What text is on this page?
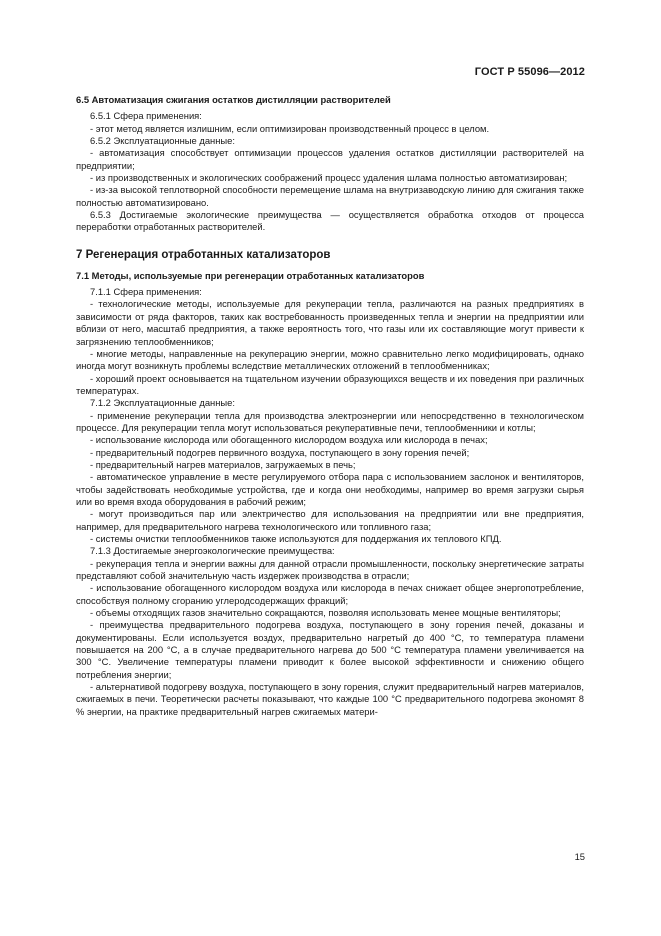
ГОСТ Р 55096—2012

6.5 Автоматизация сжигания остатков дистилляции растворителей

6.5.1 Сфера применения:

- этот метод является излишним, если оптимизирован производственный процесс в целом.

6.5.2 Эксплуатационные данные:

- автоматизация способствует оптимизации процессов удаления остатков дистилляции растворителей на предприятии;

- из производственных и экологических соображений процесс удаления шлама полностью автоматизирован;

- из-за высокой теплотворной способности перемещение шлама на внутризаводскую линию для сжигания также полностью автоматизировано.

6.5.3 Достигаемые экологические преимущества — осуществляется обработка отходов от процесса переработки отработанных растворителей.

7 Регенерация отработанных катализаторов

7.1 Методы, используемые при регенерации отработанных катализаторов

7.1.1 Сфера применения:

- технологические методы, используемые для рекуперации тепла, различаются на разных предприятиях в зависимости от ряда факторов, таких как востребованность произведенных тепла и энергии на предприятии или вблизи от него, масштаб предприятия, а также вероятность того, что газы или их составляющие могут привести к загрязнению теплообменников;

- многие методы, направленные на рекуперацию энергии, можно сравнительно легко модифицировать, однако иногда могут возникнуть проблемы вследствие металлических отложений в теплообменниках;

- хороший проект основывается на тщательном изучении образующихся веществ и их поведения при различных температурах.

7.1.2 Эксплуатационные данные:

- применение рекуперации тепла для производства электроэнергии или непосредственно в технологическом процессе. Для рекуперации тепла могут использоваться рекуперативные печи, теплообменники и котлы;

- использование кислорода или обогащенного кислородом воздуха или кислорода в печах;

- предварительный подогрев первичного воздуха, поступающего в зону горения печей;

- предварительный нагрев материалов, загружаемых в печь;

- автоматическое управление в месте регулируемого отбора пара с использованием заслонок и вентиляторов, чтобы задействовать необходимые устройства, где и когда они необходимы, например во время загрузки сырья или во время входа оборудования в рабочий режим;

- могут производиться пар или электричество для использования на предприятии или вне предприятия, например, для предварительного нагрева технологического или топливного газа;

- системы очистки теплообменников также используются для поддержания их теплового КПД.

7.1.3 Достигаемые энергоэкологические преимущества:

- рекуперация тепла и энергии важны для данной отрасли промышленности, поскольку энергетические затраты представляют собой значительную часть издержек производства в отрасли;

- использование обогащенного кислородом воздуха или кислорода в печах снижает общее энергопотребление, способствуя полному сгоранию углеродсодержащих фракций;

- объемы отходящих газов значительно сокращаются, позволяя использовать менее мощные вентиляторы;

- преимущества предварительного подогрева воздуха, поступающего в зону горения печей, доказаны и документированы. Если используется воздух, предварительно нагретый до 400 °С, то температура пламени повышается на 200 °С, а в случае предварительного нагрева до 500 °С температура пламени увеличивается на 300 °С. Увеличение температуры пламени приводит к более высокой эффективности и снижению общего потребления энергии;

- альтернативой подогреву воздуха, поступающего в зону горения, служит предварительный нагрев материалов, сжигаемых в печи. Теоретически расчеты показывают, что каждые 100 °С предварительного подогрева экономят 8 % энергии, на практике предварительный нагрев сжигаемых матери-

15
